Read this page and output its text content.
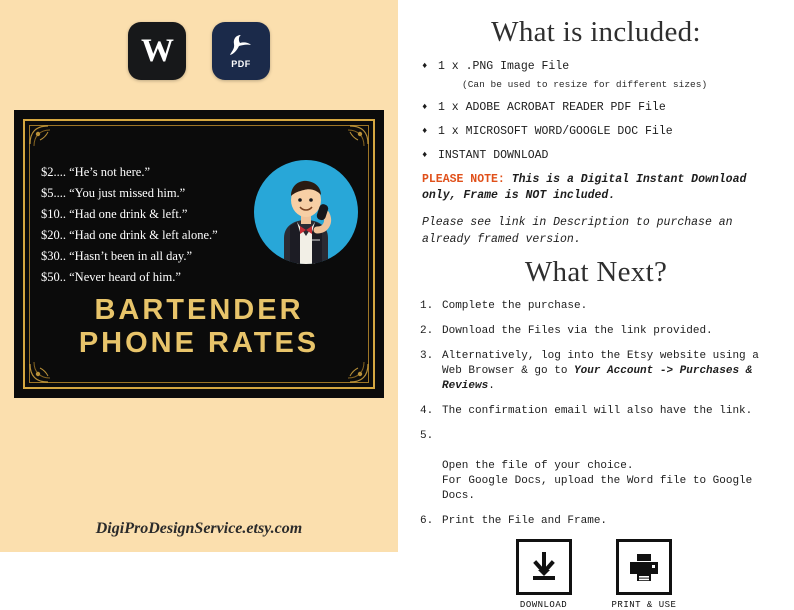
W	PDF
$2.... “He’s not here.”
$5.... “You just missed him.”
$10.. “Had one drink & left.”
$20.. “Had one drink & left alone.”
$30.. “Hasn’t been in all day.”
$50.. “Never heard of him.”
BARTENDER
PHONE RATES
DigiProDesignService.etsy.com
What is included:
♦ 1 x .PNG Image File
(Can be used to resize for different sizes)
♦ 1 x ADOBE ACROBAT READER PDF File
♦ 1 x MICROSOFT WORD/GOOGLE DOC File
♦ INSTANT DOWNLOAD
PLEASE NOTE: This is a Digital Instant Download only, Frame is NOT included.
Please see link in Description to purchase an already framed version.
What Next?
1. Complete the purchase.
2. Download the Files via the link provided.
3. Alternatively, log into the Etsy website using a Web Browser & go to Your Account -> Purchases & Reviews.
4. The confirmation email will also have the link.

5.

Open the file of your choice.
For Google Docs, upload the Word file to Google Docs.

6. Print the File and Frame.
DOWNLOAD	PRINT & USE
